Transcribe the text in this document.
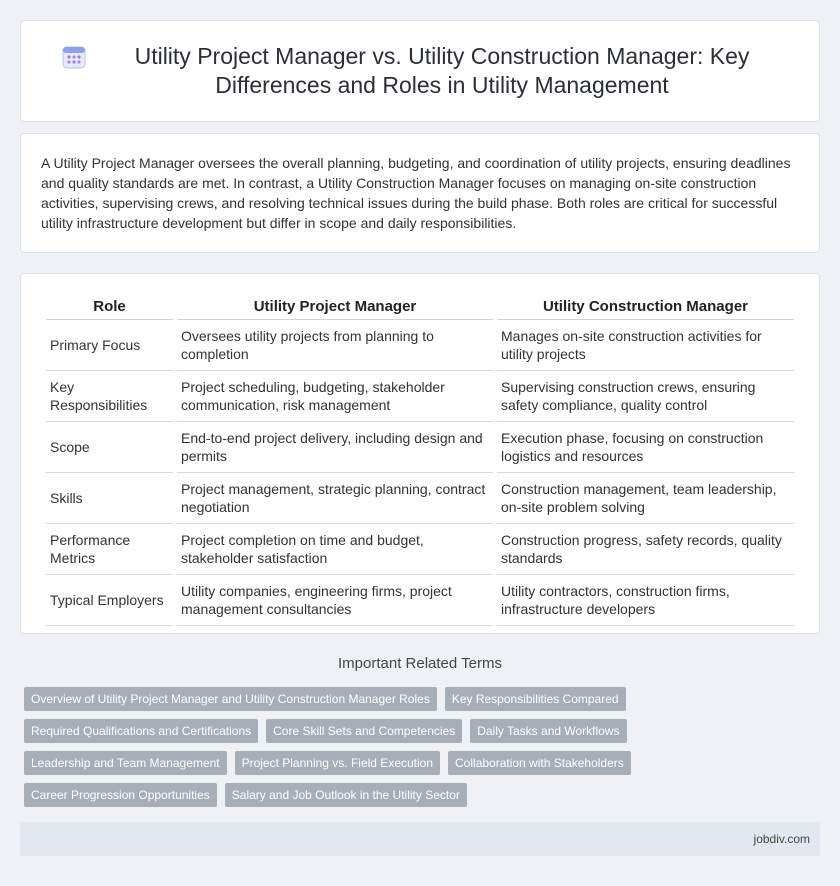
Utility Project Manager vs. Utility Construction Manager: Key Differences and Roles in Utility Management

A Utility Project Manager oversees the overall planning, budgeting, and coordination of utility projects, ensuring deadlines and quality standards are met. In contrast, a Utility Construction Manager focuses on managing on-site construction activities, supervising crews, and resolving technical issues during the build phase. Both roles are critical for successful utility infrastructure development but differ in scope and daily responsibilities.

Role	Utility Project Manager	Utility Construction Manager
Primary Focus	Oversees utility projects from planning to completion	Manages on-site construction activities for utility projects
Key Responsibilities	Project scheduling, budgeting, stakeholder communication, risk management	Supervising construction crews, ensuring safety compliance, quality control
Scope	End-to-end project delivery, including design and permits	Execution phase, focusing on construction logistics and resources
Skills	Project management, strategic planning, contract negotiation	Construction management, team leadership, on-site problem solving
Performance Metrics	Project completion on time and budget, stakeholder satisfaction	Construction progress, safety records, quality standards
Typical Employers	Utility companies, engineering firms, project management consultancies	Utility contractors, construction firms, infrastructure developers
Important Related Terms
Overview of Utility Project Manager and Utility Construction Manager Roles	Key Responsibilities Compared
Required Qualifications and Certifications	Core Skill Sets and Competencies	Daily Tasks and Workflows
Leadership and Team Management	Project Planning vs. Field Execution	Collaboration with Stakeholders
Career Progression Opportunities	Salary and Job Outlook in the Utility Sector
jobdiv.com
